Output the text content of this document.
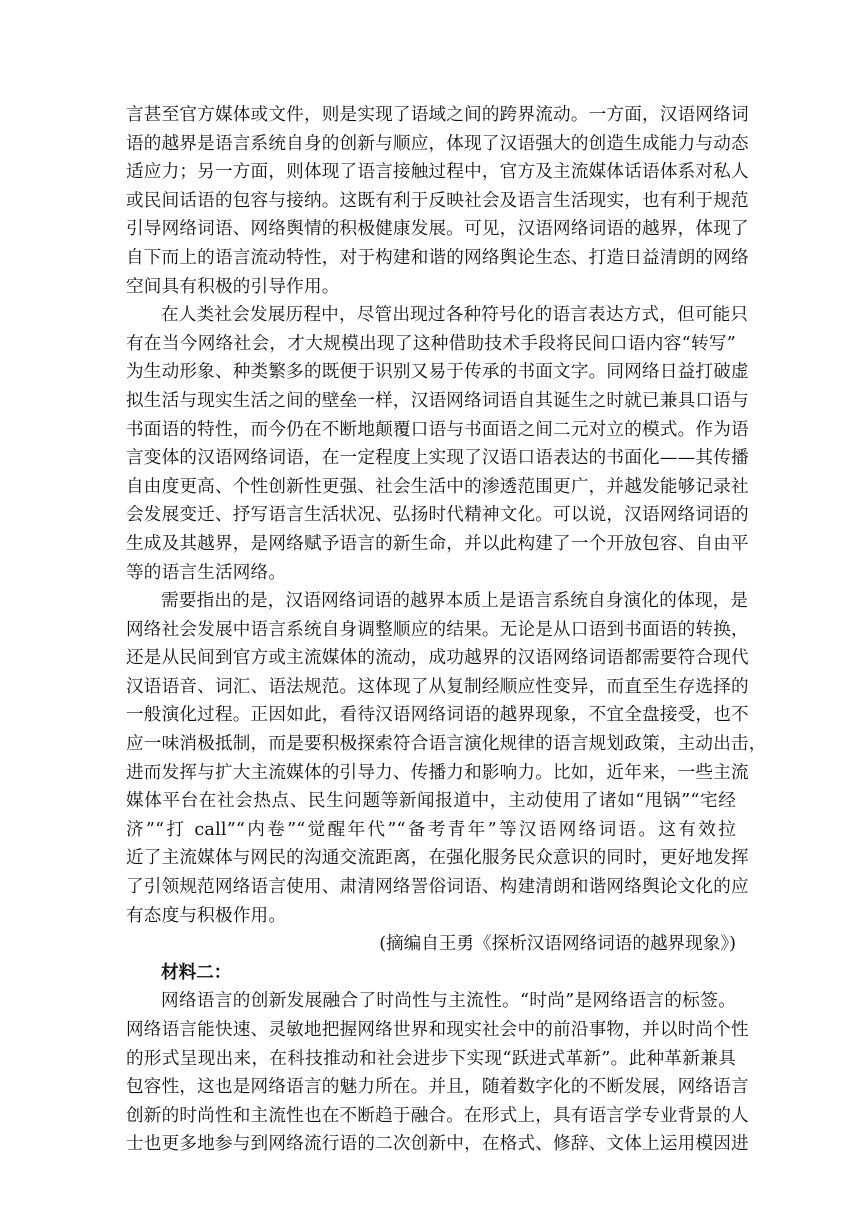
言甚至官方媒体或文件，则是实现了语域之间的跨界流动。一方面，汉语网络词

语的越界是语言系统自身的创新与顺应，体现了汉语强大的创造生成能力与动态

适应力；另一方面，则体现了语言接触过程中，官方及主流媒体话语体系对私人

或民间话语的包容与接纳。这既有利于反映社会及语言生活现实，也有利于规范

引导网络词语、网络舆情的积极健康发展。可见，汉语网络词语的越界，体现了

自下而上的语言流动特性，对于构建和谐的网络舆论生态、打造日益清朗的网络

空间具有积极的引导作用。

在人类社会发展历程中，尽管出现过各种符号化的语言表达方式，但可能只

有在当今网络社会，才大规模出现了这种借助技术手段将民间口语内容“转写”

为生动形象、种类繁多的既便于识别又易于传承的书面文字。同网络日益打破虚

拟生活与现实生活之间的壁垒一样，汉语网络词语自其诞生之时就已兼具口语与

书面语的特性，而今仍在不断地颠覆口语与书面语之间二元对立的模式。作为语

言变体的汉语网络词语，在一定程度上实现了汉语口语表达的书面化——其传播

自由度更高、个性创新性更强、社会生活中的渗透范围更广，并越发能够记录社

会发展变迁、抒写语言生活状况、弘扬时代精神文化。可以说，汉语网络词语的

生成及其越界，是网络赋予语言的新生命，并以此构建了一个开放包容、自由平

等的语言生活网络。

需要指出的是，汉语网络词语的越界本质上是语言系统自身演化的体现，是

网络社会发展中语言系统自身调整顺应的结果。无论是从口语到书面语的转换，

还是从民间到官方或主流媒体的流动，成功越界的汉语网络词语都需要符合现代

汉语语音、词汇、语法规范。这体现了从复制经顺应性变异，而直至生存选择的

一般演化过程。正因如此，看待汉语网络词语的越界现象，不宜全盘接受，也不

应一味消极抵制，而是要积极探索符合语言演化规律的语言规划政策，主动出击，

进而发挥与扩大主流媒体的引导力、传播力和影响力。比如，近年来，一些主流

媒体平台在社会热点、民生问题等新闻报道中，主动使用了诸如“甩锅”“宅经

济”“打 call”“内卷”“觉醒年代”“备考青年”等汉语网络词语。这有效拉

近了主流媒体与网民的沟通交流距离，在强化服务民众意识的同时，更好地发挥

了引领规范网络语言使用、肃清网络詈俗词语、构建清朗和谐网络舆论文化的应

有态度与积极作用。

(摘编自王勇《探析汉语网络词语的越界现象》)

材料二：

网络语言的创新发展融合了时尚性与主流性。“时尚”是网络语言的标签。

网络语言能快速、灵敏地把握网络世界和现实社会中的前沿事物，并以时尚个性

的形式呈现出来，在科技推动和社会进步下实现“跃进式革新”。此种革新兼具

包容性，这也是网络语言的魅力所在。并且，随着数字化的不断发展，网络语言

创新的时尚性和主流性也在不断趋于融合。在形式上，具有语言学专业背景的人

士也更多地参与到网络流行语的二次创新中，在格式、修辞、文体上运用模因进
